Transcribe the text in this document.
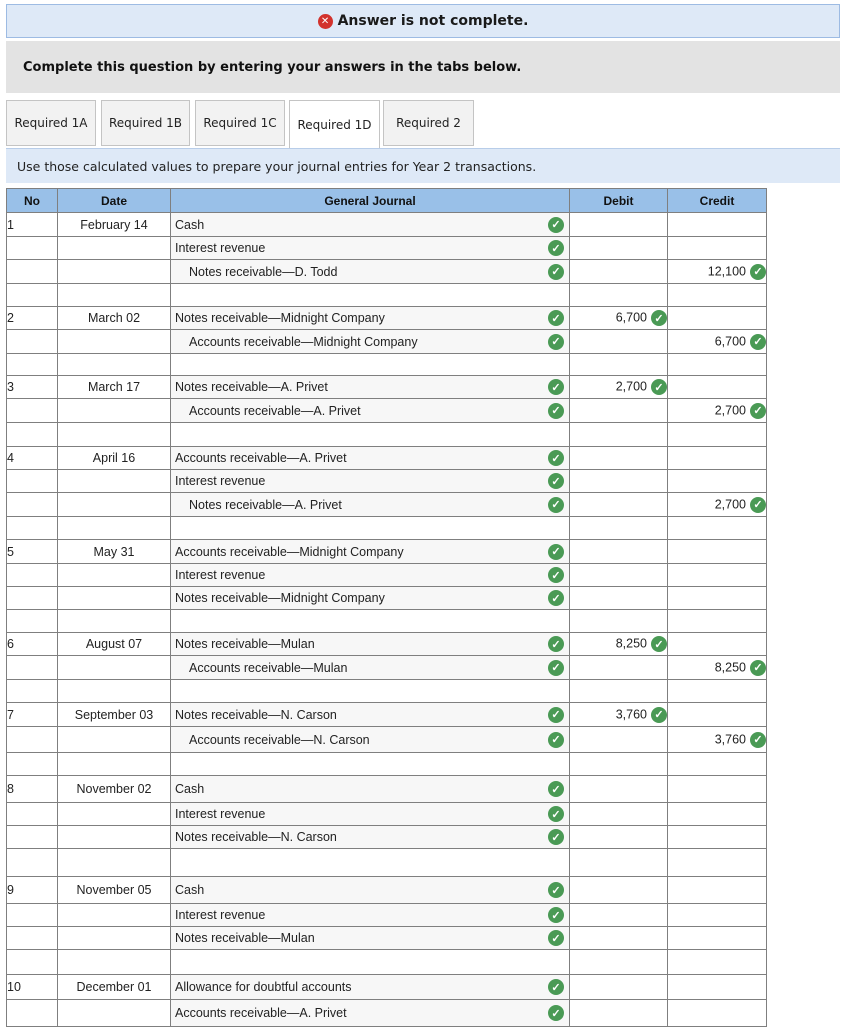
✕ Answer is not complete.
Complete this question by entering your answers in the tabs below.
Required 1A	Required 1B	Required 1C	Required 1D	Required 2
Use those calculated values to prepare your journal entries for Year 2 transactions.
No	Date	General Journal	Debit	Credit
1	February 14	Cash ✓		

		Interest revenue ✓		

		Notes receivable—D. Todd ✓		12,100 ✓

2	March 02	Notes receivable—Midnight Company ✓	6,700 ✓	
		Accounts receivable—Midnight Company ✓		6,700 ✓

3	March 17	Notes receivable—A. Privet ✓	2,700 ✓	
		Accounts receivable—A. Privet ✓		2,700 ✓

4	April 16	Accounts receivable—A. Privet ✓		

		Interest revenue ✓		

		Notes receivable—A. Privet ✓		2,700 ✓

5	May 31	Accounts receivable—Midnight Company ✓		

		Interest revenue ✓		

		Notes receivable—Midnight Company ✓		

6	August 07	Notes receivable—Mulan ✓	8,250 ✓	
		Accounts receivable—Mulan ✓		8,250 ✓

7	September 03	Notes receivable—N. Carson ✓	3,760 ✓	
		Accounts receivable—N. Carson ✓		3,760 ✓

8	November 02	Cash ✓		

		Interest revenue ✓		

		Notes receivable—N. Carson ✓		

9	November 05	Cash ✓		

		Interest revenue ✓		

		Notes receivable—Mulan ✓		

10	December 01	Allowance for doubtful accounts ✓		

		Accounts receivable—A. Privet ✓		
